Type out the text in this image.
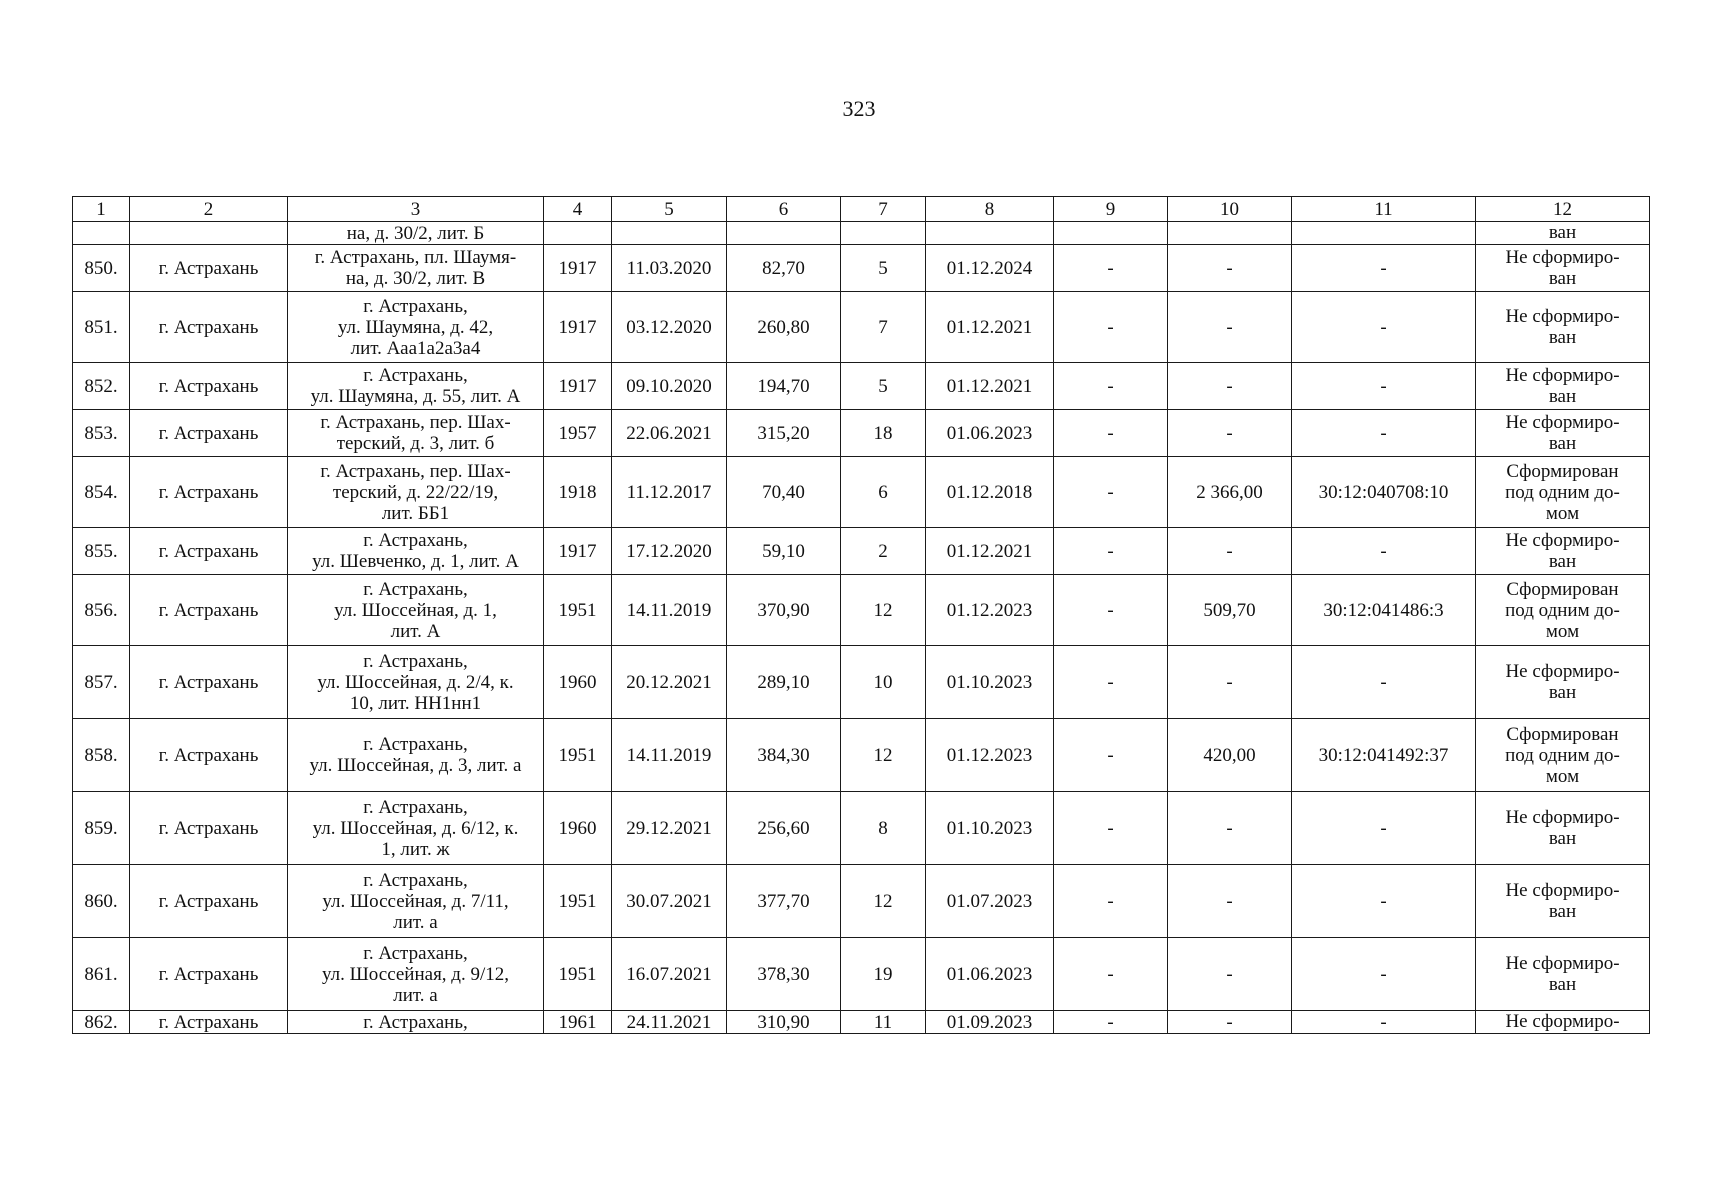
323
1	2	3	4	5	6	7	8	9	10	11	12
		на, д. 30/2, лит. Б									ван
850.	г. Астрахань	г. Астрахань, пл. Шаумя-
на, д. 30/2, лит. В	1917	11.03.2020	82,70	5	01.12.2024	-	-	-	Не сформиро-
ван
851.	г. Астрахань	г. Астрахань,
ул. Шаумяна, д. 42,
лит. Ааа1а2а3а4	1917	03.12.2020	260,80	7	01.12.2021	-	-	-	Не сформиро-
ван
852.	г. Астрахань	г. Астрахань,
ул. Шаумяна, д. 55, лит. А	1917	09.10.2020	194,70	5	01.12.2021	-	-	-	Не сформиро-
ван
853.	г. Астрахань	г. Астрахань, пер. Шах-
терский, д. 3, лит. б	1957	22.06.2021	315,20	18	01.06.2023	-	-	-	Не сформиро-
ван
854.	г. Астрахань	г. Астрахань, пер. Шах-
терский, д. 22/22/19,
лит. ББ1	1918	11.12.2017	70,40	6	01.12.2018	-	2 366,00	30:12:040708:10	Сформирован
под одним до-
мом
855.	г. Астрахань	г. Астрахань,
ул. Шевченко, д. 1, лит. А	1917	17.12.2020	59,10	2	01.12.2021	-	-	-	Не сформиро-
ван
856.	г. Астрахань	г. Астрахань,
ул. Шоссейная, д. 1,
лит. А	1951	14.11.2019	370,90	12	01.12.2023	-	509,70	30:12:041486:3	Сформирован
под одним до-
мом
857.	г. Астрахань	г. Астрахань,
ул. Шоссейная, д. 2/4, к.
10, лит. НН1нн1	1960	20.12.2021	289,10	10	01.10.2023	-	-	-	Не сформиро-
ван
858.	г. Астрахань	г. Астрахань,
ул. Шоссейная, д. 3, лит. а	1951	14.11.2019	384,30	12	01.12.2023	-	420,00	30:12:041492:37	Сформирован
под одним до-
мом
859.	г. Астрахань	г. Астрахань,
ул. Шоссейная, д. 6/12, к.
1, лит. ж	1960	29.12.2021	256,60	8	01.10.2023	-	-	-	Не сформиро-
ван
860.	г. Астрахань	г. Астрахань,
ул. Шоссейная, д. 7/11,
лит. а	1951	30.07.2021	377,70	12	01.07.2023	-	-	-	Не сформиро-
ван
861.	г. Астрахань	г. Астрахань,
ул. Шоссейная, д. 9/12,
лит. а	1951	16.07.2021	378,30	19	01.06.2023	-	-	-	Не сформиро-
ван
862.	г. Астрахань	г. Астрахань,	1961	24.11.2021	310,90	11	01.09.2023	-	-	-	Не сформиро-
